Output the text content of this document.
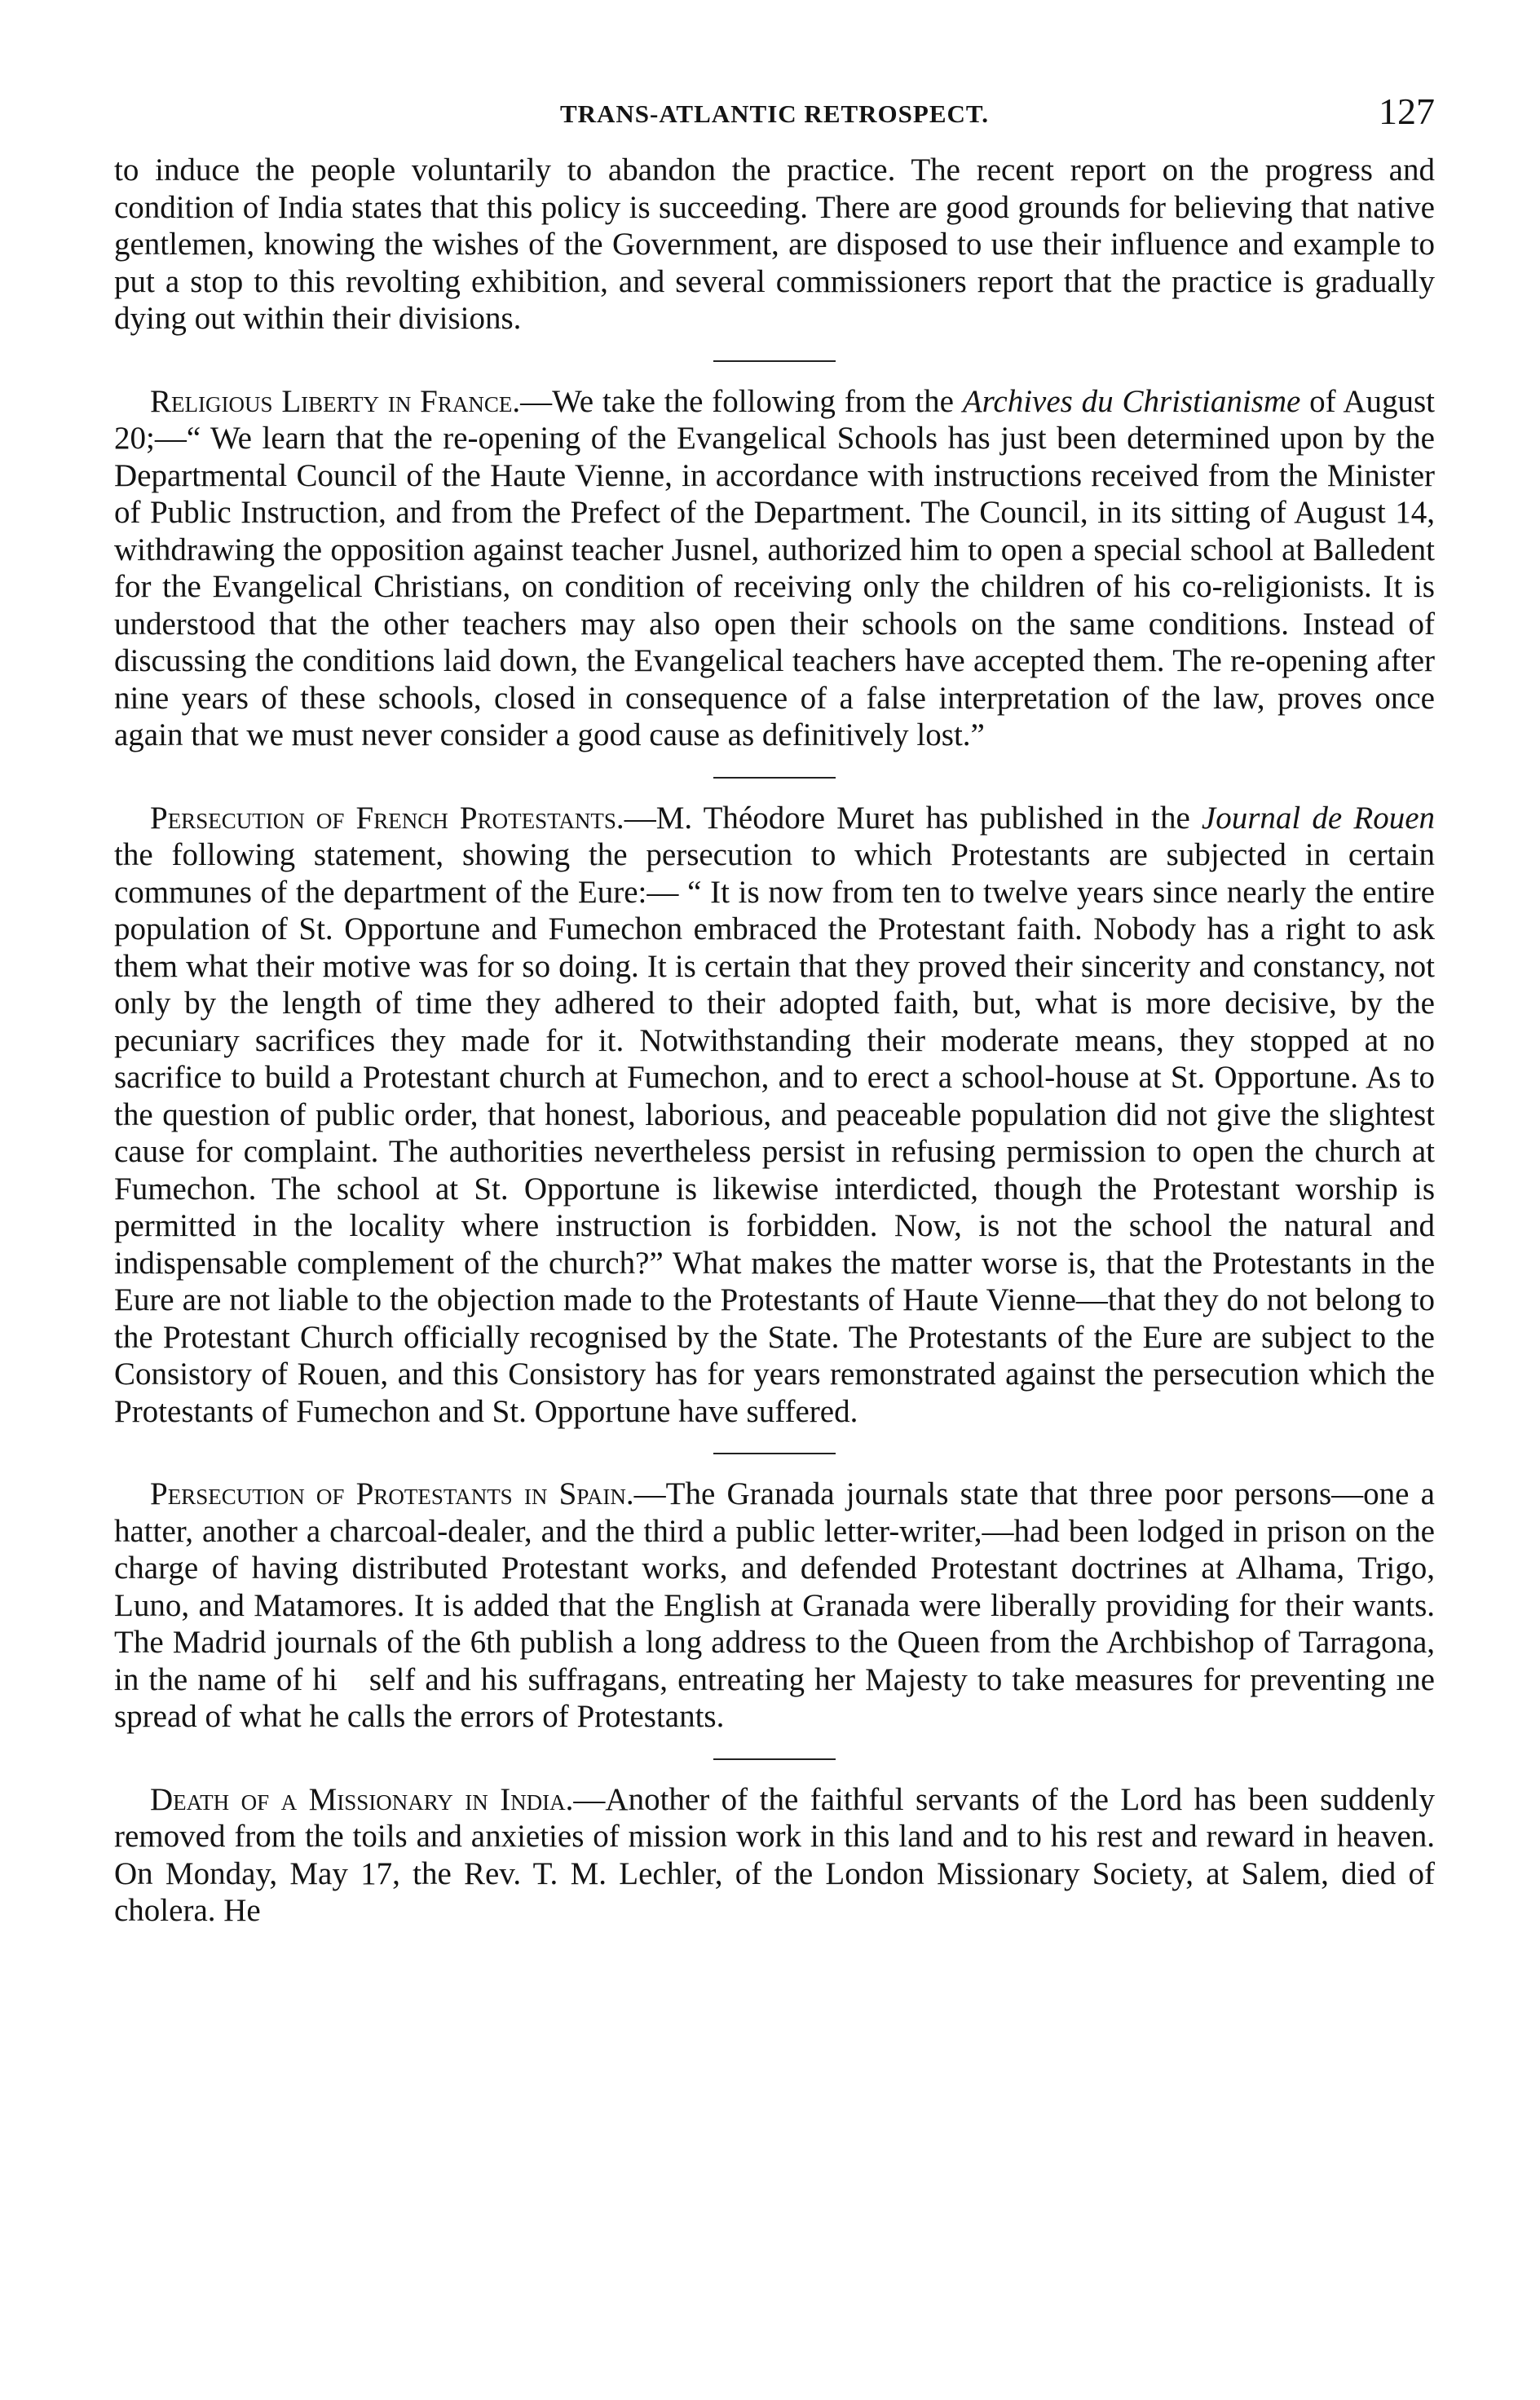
TRANS-ATLANTIC RETROSPECT.	127

to induce the people voluntarily to abandon the practice. The recent report on the progress and condition of India states that this policy is succeeding. There are good grounds for believing that native gentlemen, knowing the wishes of the Government, are disposed to use their influence and example to put a stop to this revolting exhibition, and several commissioners report that the practice is gradually dying out within their divisions.

Religious Liberty in France.—We take the following from the Archives du Christianisme of August 20;—“ We learn that the re-opening of the Evangelical Schools has just been determined upon by the Departmental Council of the Haute Vienne, in accordance with instructions received from the Minister of Public Instruction, and from the Prefect of the Department. The Council, in its sitting of August 14, withdrawing the opposition against teacher Jusnel, authorized him to open a special school at Balledent for the Evangelical Christians, on condition of receiving only the children of his co-religionists. It is understood that the other teachers may also open their schools on the same conditions. Instead of discussing the conditions laid down, the Evangelical teachers have accepted them. The re-opening after nine years of these schools, closed in consequence of a false interpretation of the law, proves once again that we must never consider a good cause as definitively lost.”

Persecution of French Protestants.—M. Théodore Muret has published in the Journal de Rouen the following statement, showing the persecution to which Protestants are subjected in certain communes of the department of the Eure:— “ It is now from ten to twelve years since nearly the entire population of St. Opportune and Fumechon embraced the Protestant faith. Nobody has a right to ask them what their motive was for so doing. It is certain that they proved their sincerity and constancy, not only by the length of time they adhered to their adopted faith, but, what is more decisive, by the pecuniary sacrifices they made for it. Notwithstanding their moderate means, they stopped at no sacrifice to build a Protestant church at Fumechon, and to erect a school-house at St. Opportune. As to the question of public order, that honest, laborious, and peaceable population did not give the slightest cause for complaint. The authorities nevertheless persist in refusing permission to open the church at Fumechon. The school at St. Opportune is likewise interdicted, though the Protestant worship is permitted in the locality where instruction is forbidden. Now, is not the school the natural and indispensable complement of the church?” What makes the matter worse is, that the Protestants in the Eure are not liable to the objection made to the Protestants of Haute Vienne—that they do not belong to the Protestant Church officially recognised by the State. The Protestants of the Eure are subject to the Consistory of Rouen, and this Consistory has for years remonstrated against the persecution which the Protestants of Fumechon and St. Opportune have suffered.

Persecution of Protestants in Spain.—The Granada journals state that three poor persons—one a hatter, another a charcoal-dealer, and the third a public letter-writer,—had been lodged in prison on the charge of having distributed Protestant works, and defended Protestant doctrines at Alhama, Trigo, Luno, and Matamores. It is added that the English at Granada were liberally providing for their wants. The Madrid journals of the 6th publish a long address to the Queen from the Archbishop of Tarragona, in the name of hi self and his suffragans, entreating her Majesty to take measures for preventing ıne spread of what he calls the errors of Protestants.

Death of a Missionary in India.—Another of the faithful servants of the Lord has been suddenly removed from the toils and anxieties of mission work in this land and to his rest and reward in heaven. On Monday, May 17, the Rev. T. M. Lechler, of the London Missionary Society, at Salem, died of cholera. He
